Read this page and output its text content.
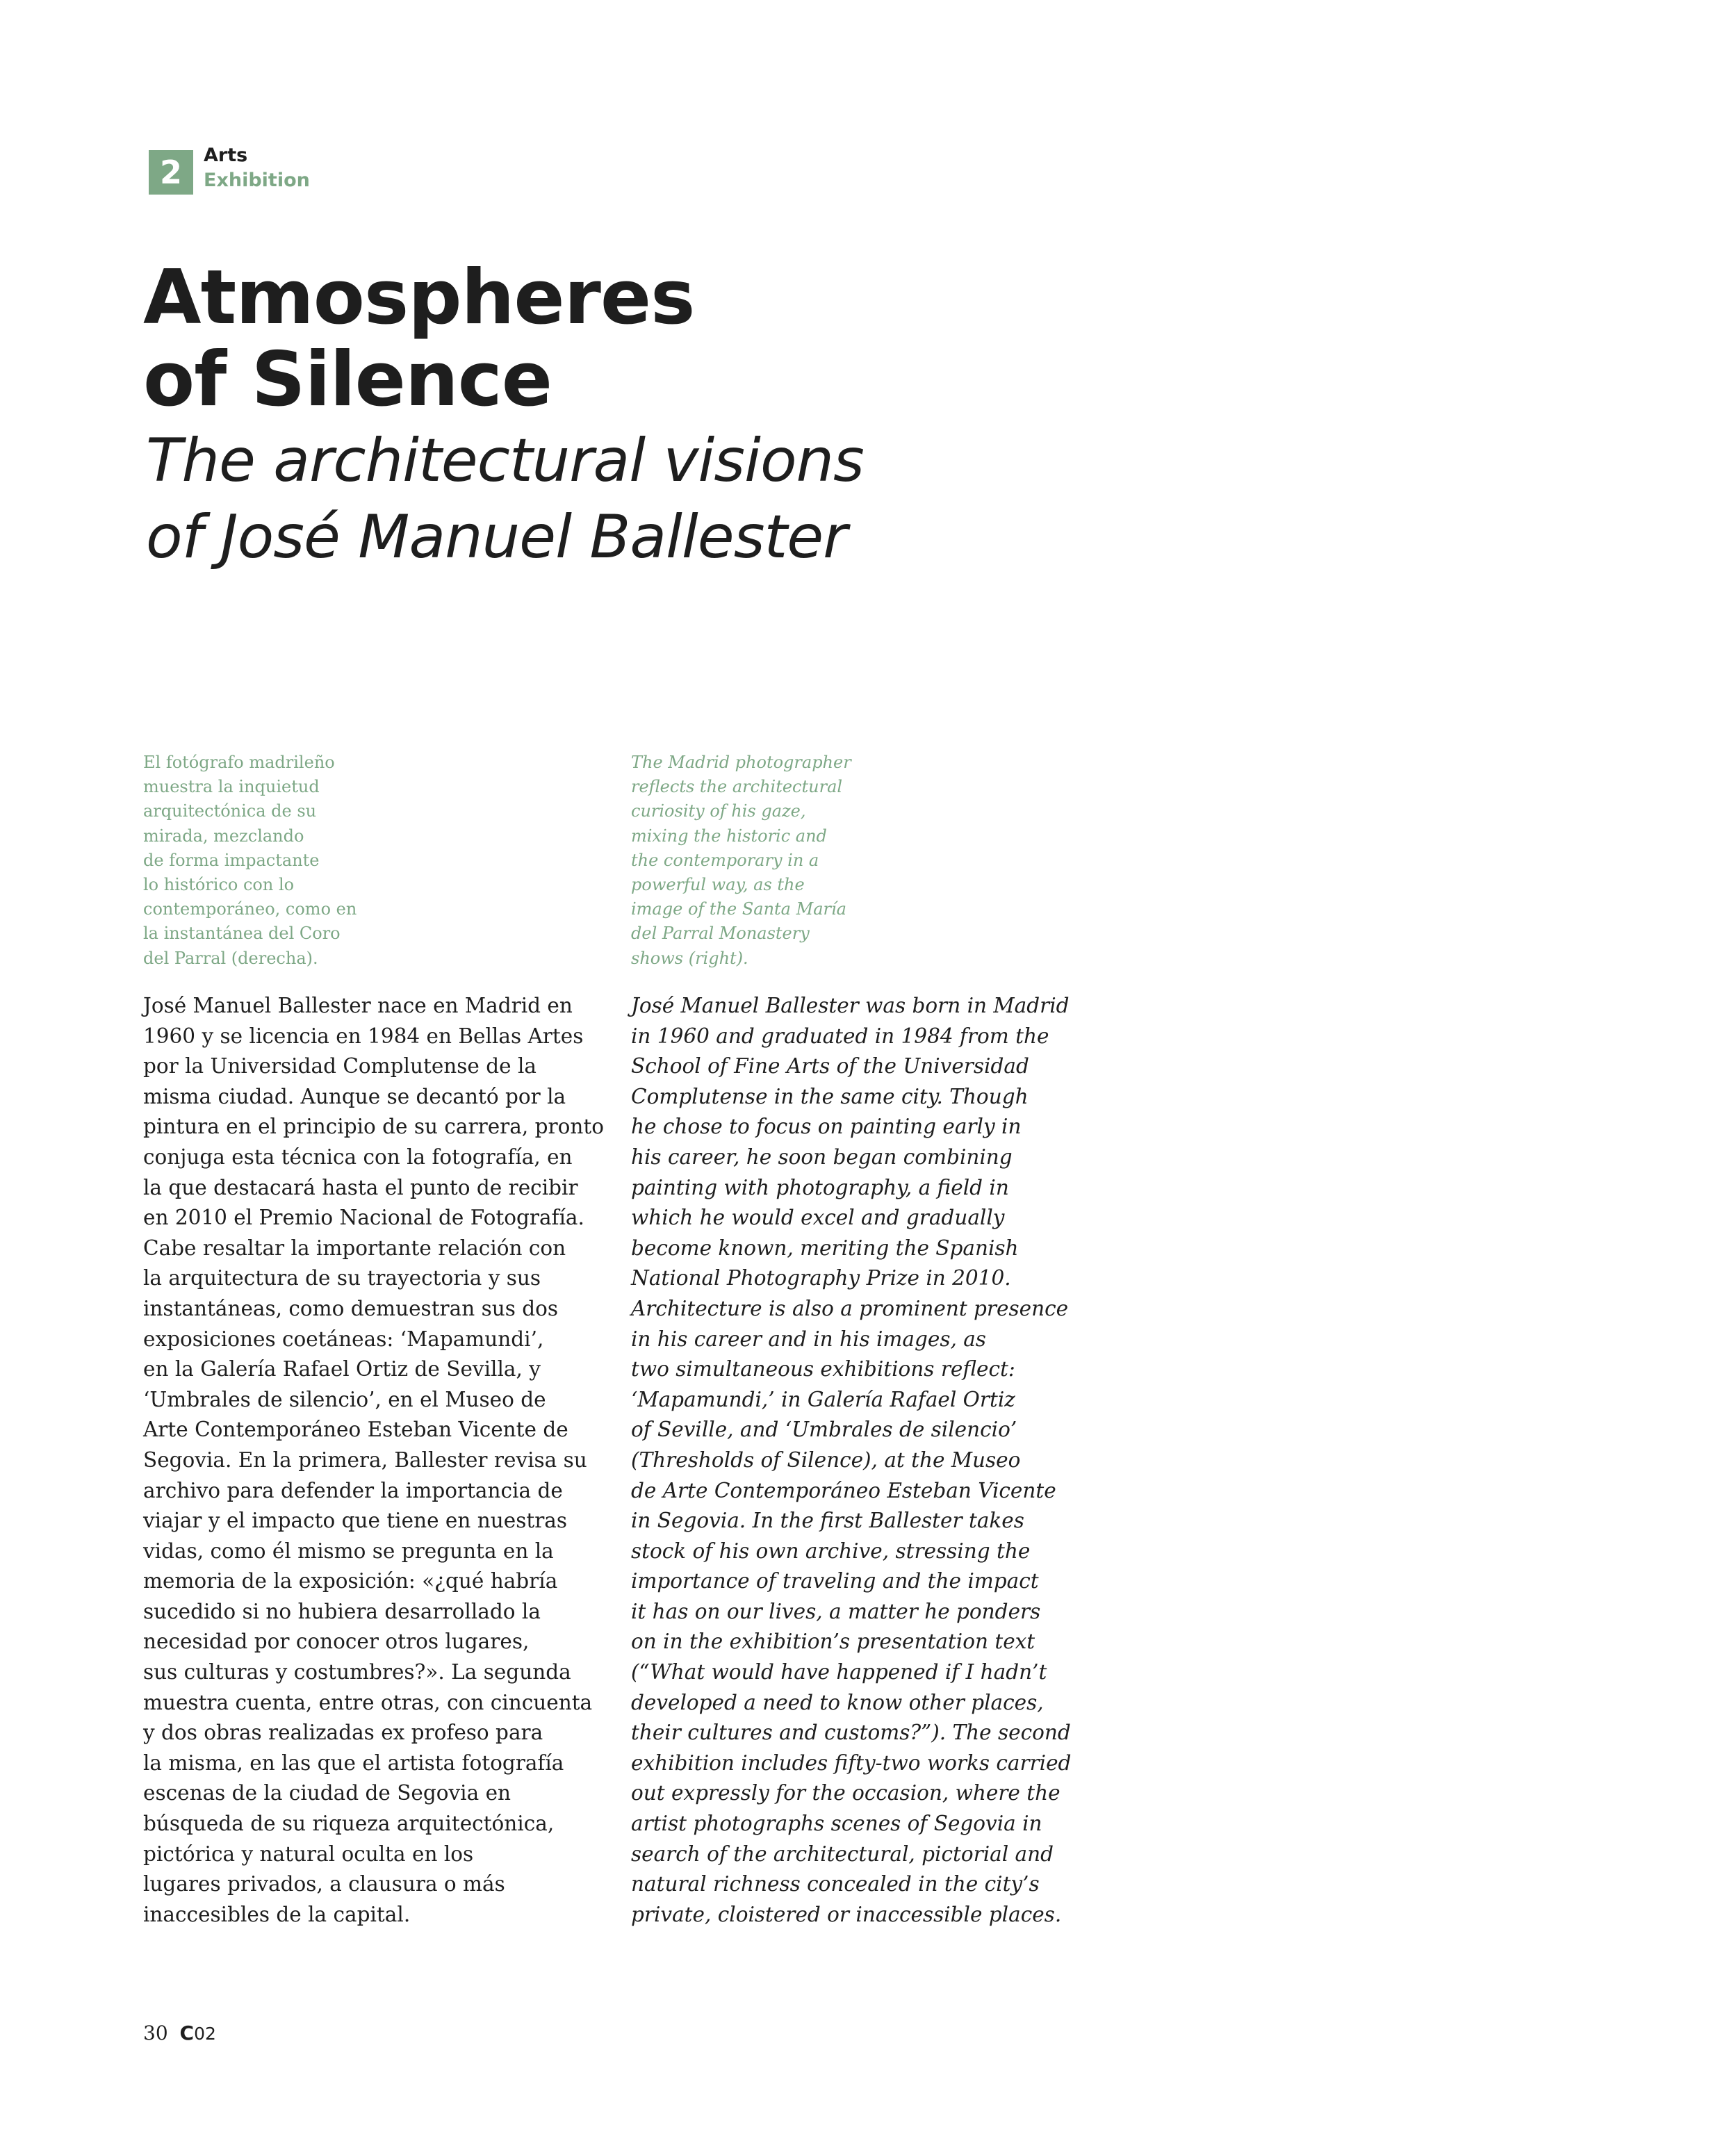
2	Arts
Exhibition
Atmospheres
of Silence
The architectural visions
of José Manuel Ballester
El fotógrafo madrileño
muestra la inquietud
arquitectónica de su
mirada, mezclando
de forma impactante
lo histórico con lo
contemporáneo, como en
la instantánea del Coro
del Parral (derecha).
The Madrid photographer
reflects the architectural
curiosity of his gaze,
mixing the historic and
the contemporary in a
powerful way, as the
image of the Santa María
del Parral Monastery
shows (right).
José Manuel Ballester nace en Madrid en
1960 y se licencia en 1984 en Bellas Artes
por la Universidad Complutense de la
misma ciudad. Aunque se decantó por la
pintura en el principio de su carrera, pronto
conjuga esta técnica con la fotografía, en
la que destacará hasta el punto de recibir
en 2010 el Premio Nacional de Fotografía.
Cabe resaltar la importante relación con
la arquitectura de su trayectoria y sus
instantáneas, como demuestran sus dos
exposiciones coetáneas: ‘Mapamundi’,
en la Galería Rafael Ortiz de Sevilla, y
‘Umbrales de silencio’, en el Museo de
Arte Contemporáneo Esteban Vicente de
Segovia. En la primera, Ballester revisa su
archivo para defender la importancia de
viajar y el impacto que tiene en nuestras
vidas, como él mismo se pregunta en la
memoria de la exposición: «¿qué habría
sucedido si no hubiera desarrollado la
necesidad por conocer otros lugares,
sus culturas y costumbres?». La segunda
muestra cuenta, entre otras, con cincuenta
y dos obras realizadas ex profeso para
la misma, en las que el artista fotografía
escenas de la ciudad de Segovia en
búsqueda de su riqueza arquitectónica,
pictórica y natural oculta en los
lugares privados, a clausura o más
inaccesibles de la capital.
José Manuel Ballester was born in Madrid
in 1960 and graduated in 1984 from the
School of Fine Arts of the Universidad
Complutense in the same city. Though
he chose to focus on painting early in
his career, he soon began combining
painting with photography, a field in
which he would excel and gradually
become known, meriting the Spanish
National Photography Prize in 2010.
Architecture is also a prominent presence
in his career and in his images, as
two simultaneous exhibitions reflect:
‘Mapamundi,’ in Galería Rafael Ortiz
of Seville, and ‘Umbrales de silencio’
(Thresholds of Silence), at the Museo
de Arte Contemporáneo Esteban Vicente
in Segovia. In the first Ballester takes
stock of his own archive, stressing the
importance of traveling and the impact
it has on our lives, a matter he ponders
on in the exhibition’s presentation text
(“What would have happened if I hadn’t
developed a need to know other places,
their cultures and customs?”). The second
exhibition includes fifty-two works carried
out expressly for the occasion, where the
artist photographs scenes of Segovia in
search of the architectural, pictorial and
natural richness concealed in the city’s
private, cloistered or inaccessible places.
30 C02
